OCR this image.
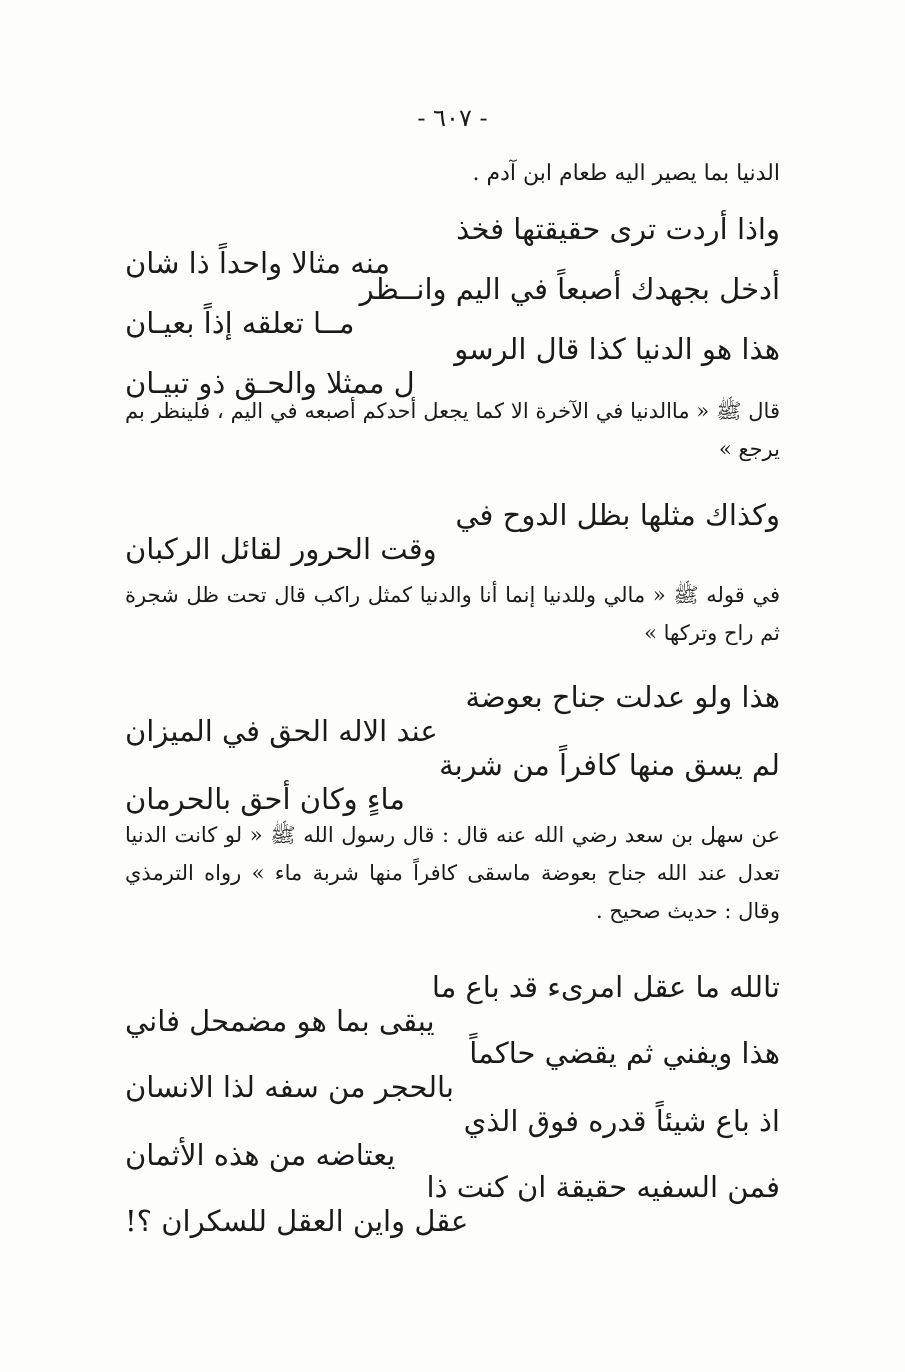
- ٦٠٧ -
الدنيا بما يصير اليه طعام ابن آدم .
واذا أردت ترى حقيقتها فخذ
منه مثالا واحداً ذا شان
أدخل بجهدك أصبعاً في اليم وانــظر
مــا تعلقه إذاً بعيـان
هذا هو الدنيا كذا قال الرسو
ل ممثلا والحـق ذو تبيـان
قال ﷺ « ماالدنيا في الآخرة الا كما يجعل أحدكم أصبعه في اليم ، فلينظر بم يرجع »
وكذاك مثلها بظل الدوح في
وقت الحرور لقائل الركبان
في قوله ﷺ « مالي وللدنيا إنما أنا والدنيا كمثل راكب قال تحت ظل شجرة ثم راح وتركها »
هذا ولو عدلت جناح بعوضة
عند الاله الحق في الميزان
لم يسق منها كافراً من شربة
ماءٍ وكان أحق بالحرمان
عن سهل بن سعد رضي الله عنه قال : قال رسول الله ﷺ « لو كانت الدنيا تعدل عند الله جناح بعوضة ماسقى كافراً منها شربة ماء » رواه الترمذي وقال : حديث صحيح .
تالله ما عقل امرىء قد باع ما
يبقى بما هو مضمحل فاني
هذا ويفني ثم يقضي حاكماً
بالحجر من سفه لذا الانسان
اذ باع شيئاً قدره فوق الذي
يعتاضه من هذه الأثمان
فمن السفيه حقيقة ان كنت ذا
عقل واين العقل للسكران ؟!
